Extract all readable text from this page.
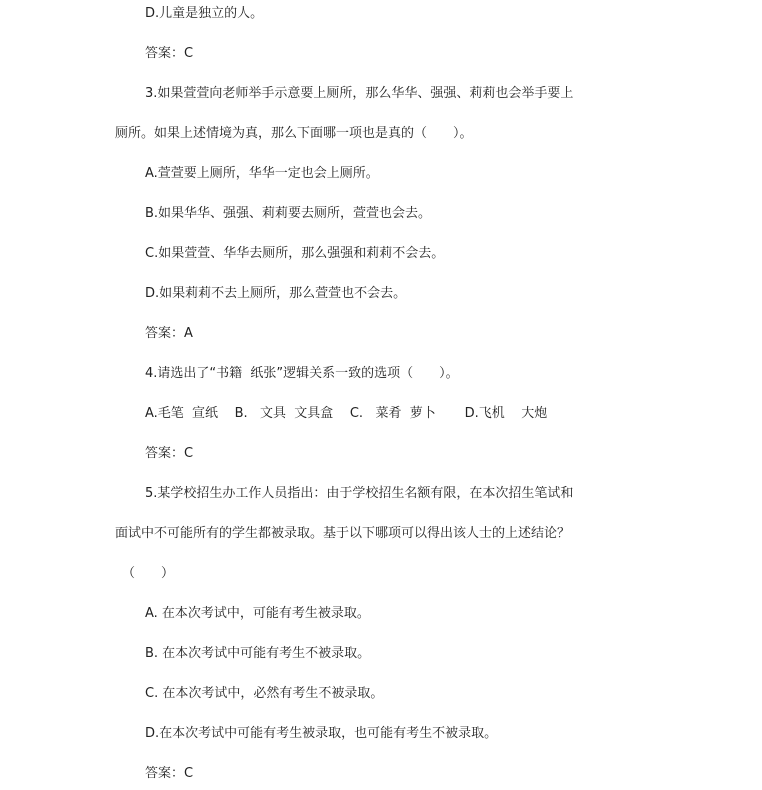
D.儿童是独立的人。

答案：C

3.如果萱萱向老师举手示意要上厕所，那么华华、强强、莉莉也会举手要上

厕所。如果上述情境为真，那么下面哪一项也是真的（　　）。

A.萱萱要上厕所，华华一定也会上厕所。

B.如果华华、强强、莉莉要去厕所，萱萱也会去。

C.如果萱萱、华华去厕所，那么强强和莉莉不会去。

D.如果莉莉不去上厕所，那么萱萱也不会去。

答案：A

4.请选出了“书籍  纸张”逻辑关系一致的选项（　　）。

A.毛笔  宣纸    B.   文具  文具盒    C.   菜肴  萝卜       D.飞机    大炮

答案：C

5.某学校招生办工作人员指出：由于学校招生名额有限，在本次招生笔试和

面试中不可能所有的学生都被录取。基于以下哪项可以得出该人士的上述结论？

（　　）

A. 在本次考试中，可能有考生被录取。

B. 在本次考试中可能有考生不被录取。

C. 在本次考试中，必然有考生不被录取。

D.在本次考试中可能有考生被录取，也可能有考生不被录取。

答案：C
